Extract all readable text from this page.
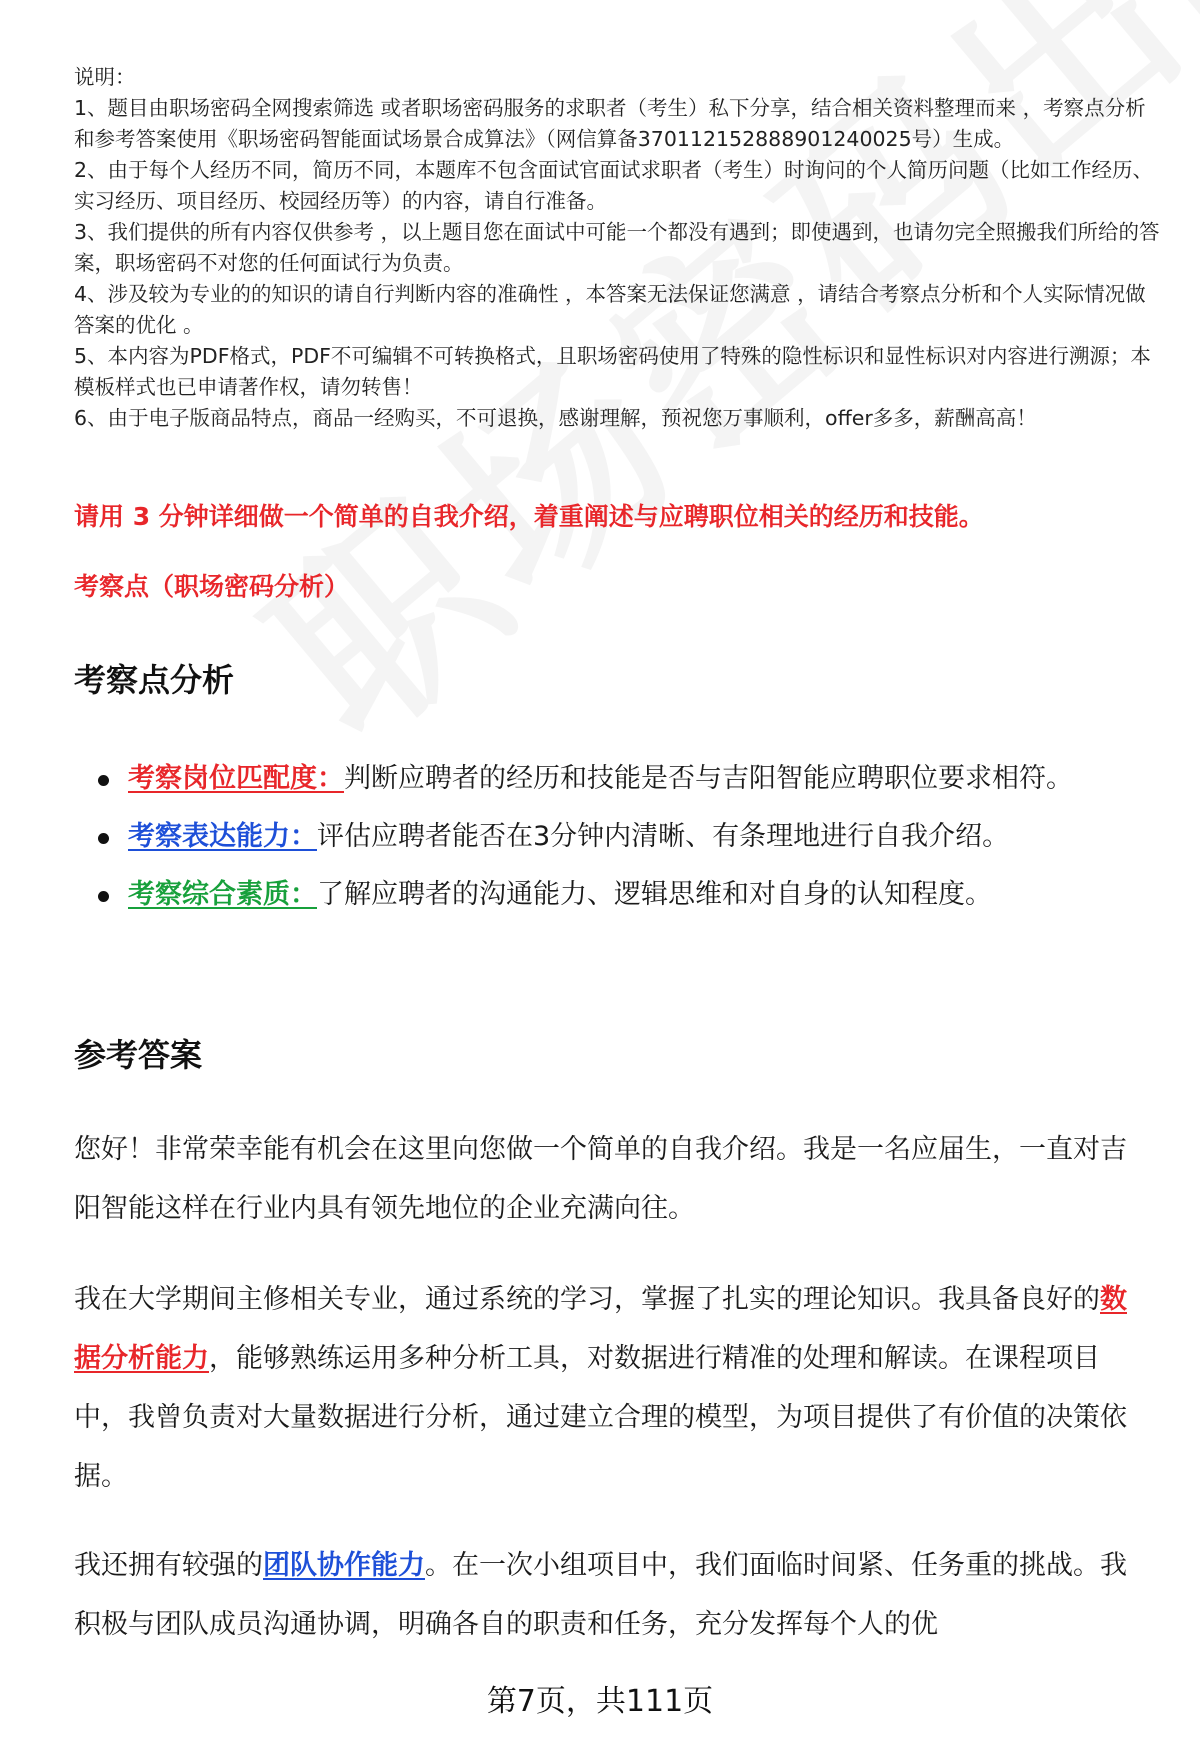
说明：

1、题目由职场密码全网搜索筛选 或者职场密码服务的求职者（考生）私下分享，结合相关资料整理而来 ，考察点分析和参考答案使用《职场密码智能面试场景合成算法》（网信算备370112152888901240025号）生成。

2、由于每个人经历不同，简历不同，本题库不包含面试官面试求职者（考生）时询问的个人简历问题（比如工作经历、实习经历、项目经历、校园经历等）的内容，请自行准备。

3、我们提供的所有内容仅供参考 ，以上题目您在面试中可能一个都没有遇到；即使遇到，也请勿完全照搬我们所给的答案，职场密码不对您的任何面试行为负责。

4、涉及较为专业的的知识的请自行判断内容的准确性 ，本答案无法保证您满意 ，请结合考察点分析和个人实际情况做答案的优化 。

5、本内容为PDF格式，PDF不可编辑不可转换格式，且职场密码使用了特殊的隐性标识和显性标识对内容进行溯源；本模板样式也已申请著作权，请勿转售！

6、由于电子版商品特点，商品一经购买，不可退换，感谢理解，预祝您万事顺利，offer多多，薪酬高高！

请用 3 分钟详细做一个简单的自我介绍，着重阐述与应聘职位相关的经历和技能。

考察点（职场密码分析）

考察点分析
考察岗位匹配度：判断应聘者的经历和技能是否与吉阳智能应聘职位要求相符。
考察表达能力：评估应聘者能否在3分钟内清晰、有条理地进行自我介绍。
考察综合素质：了解应聘者的沟通能力、逻辑思维和对自身的认知程度。
参考答案

您好！非常荣幸能有机会在这里向您做一个简单的自我介绍。我是一名应届生，一直对吉阳智能这样在行业内具有领先地位的企业充满向往。

我在大学期间主修相关专业，通过系统的学习，掌握了扎实的理论知识。我具备良好的数据分析能力，能够熟练运用多种分析工具，对数据进行精准的处理和解读。在课程项目中，我曾负责对大量数据进行分析，通过建立合理的模型，为项目提供了有价值的决策依据。

我还拥有较强的团队协作能力。在一次小组项目中，我们面临时间紧、任务重的挑战。我积极与团队成员沟通协调，明确各自的职责和任务，充分发挥每个人的优

第7页，共111页
